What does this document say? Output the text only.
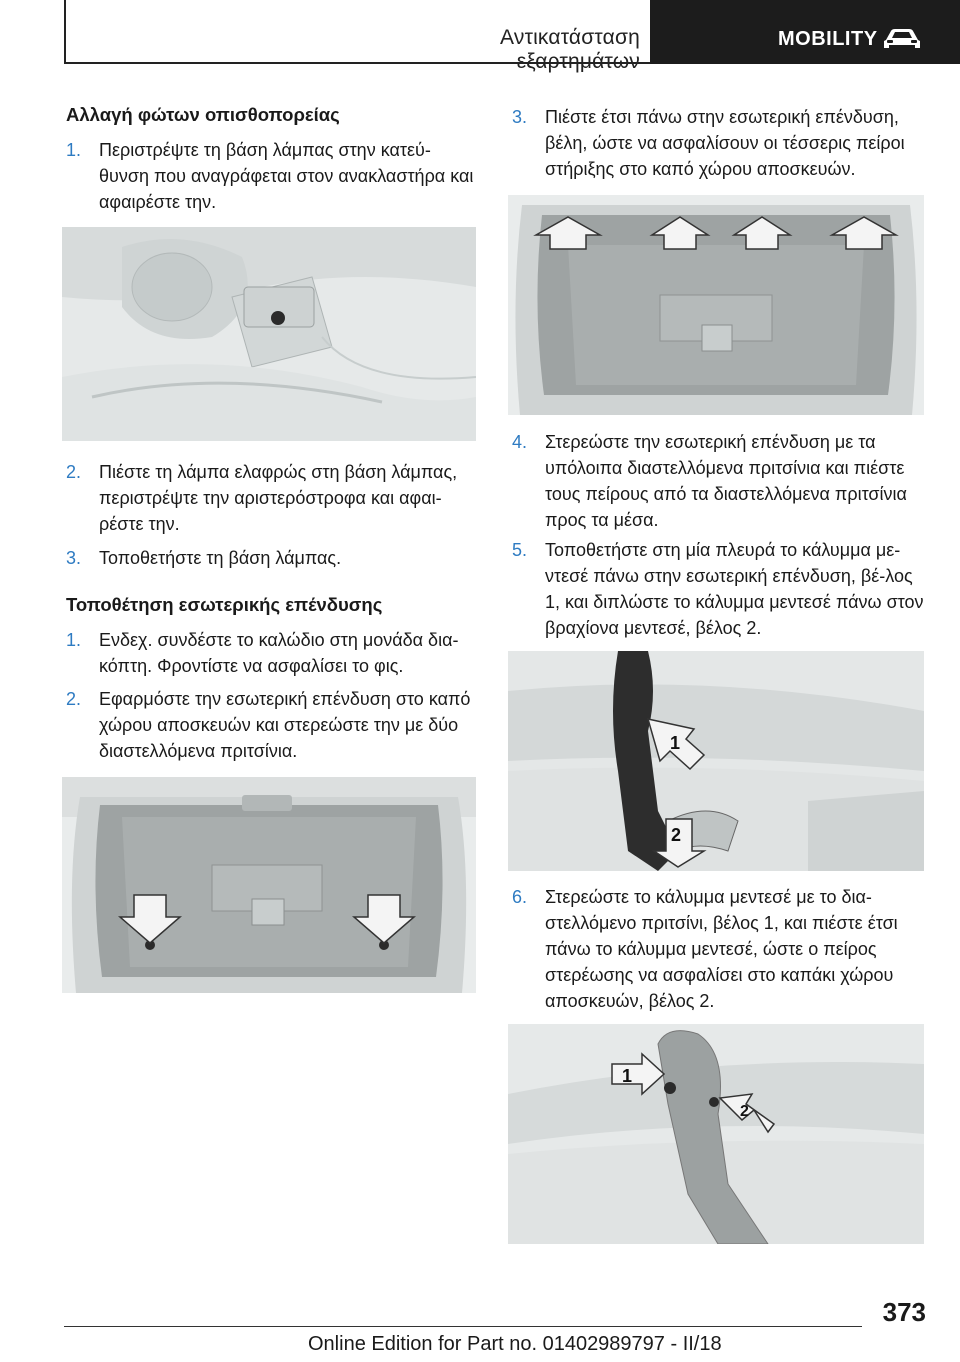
Αντικατάσταση εξαρτημάτων
MOBILITY
Αλλαγή φώτων οπισθοπορείας
1. Περιστρέψτε τη βάση λάμπας στην κατεύ-θυνση που αναγράφεται στον ανακλαστήρα και αφαιρέστε την.
2. Πιέστε τη λάμπα ελαφρώς στη βάση λάμπας, περιστρέψτε την αριστερόστροφα και αφαι-ρέστε την.
3. Τοποθετήστε τη βάση λάμπας.
Τοποθέτηση εσωτερικής επένδυσης
1. Ενδεχ. συνδέστε το καλώδιο στη μονάδα δια-κόπτη. Φροντίστε να ασφαλίσει το φις.
2. Εφαρμόστε την εσωτερική επένδυση στο καπό χώρου αποσκευών και στερεώστε την με δύο διαστελλόμενα πριτσίνια.
3. Πιέστε έτσι πάνω στην εσωτερική επένδυση, βέλη, ώστε να ασφαλίσουν οι τέσσερις πείροι στήριξης στο καπό χώρου αποσκευών.
4. Στερεώστε την εσωτερική επένδυση με τα υπόλοιπα διαστελλόμενα πριτσίνια και πιέστε τους πείρους από τα διαστελλόμενα πριτσίνια προς τα μέσα.
5. Τοποθετήστε στη μία πλευρά το κάλυμμα με-ντεσέ πάνω στην εσωτερική επένδυση, βέ-λος 1, και διπλώστε το κάλυμμα μεντεσέ πάνω στον βραχίονα μεντεσέ, βέλος 2.
1
2
6. Στερεώστε το κάλυμμα μεντεσέ με το δια-στελλόμενο πριτσίνι, βέλος 1, και πιέστε έτσι πάνω το κάλυμμα μεντεσέ, ώστε ο πείρος στερέωσης να ασφαλίσει στο καπάκι χώρου αποσκευών, βέλος 2.
1
2
373
Online Edition for Part no. 01402989797 - II/18
